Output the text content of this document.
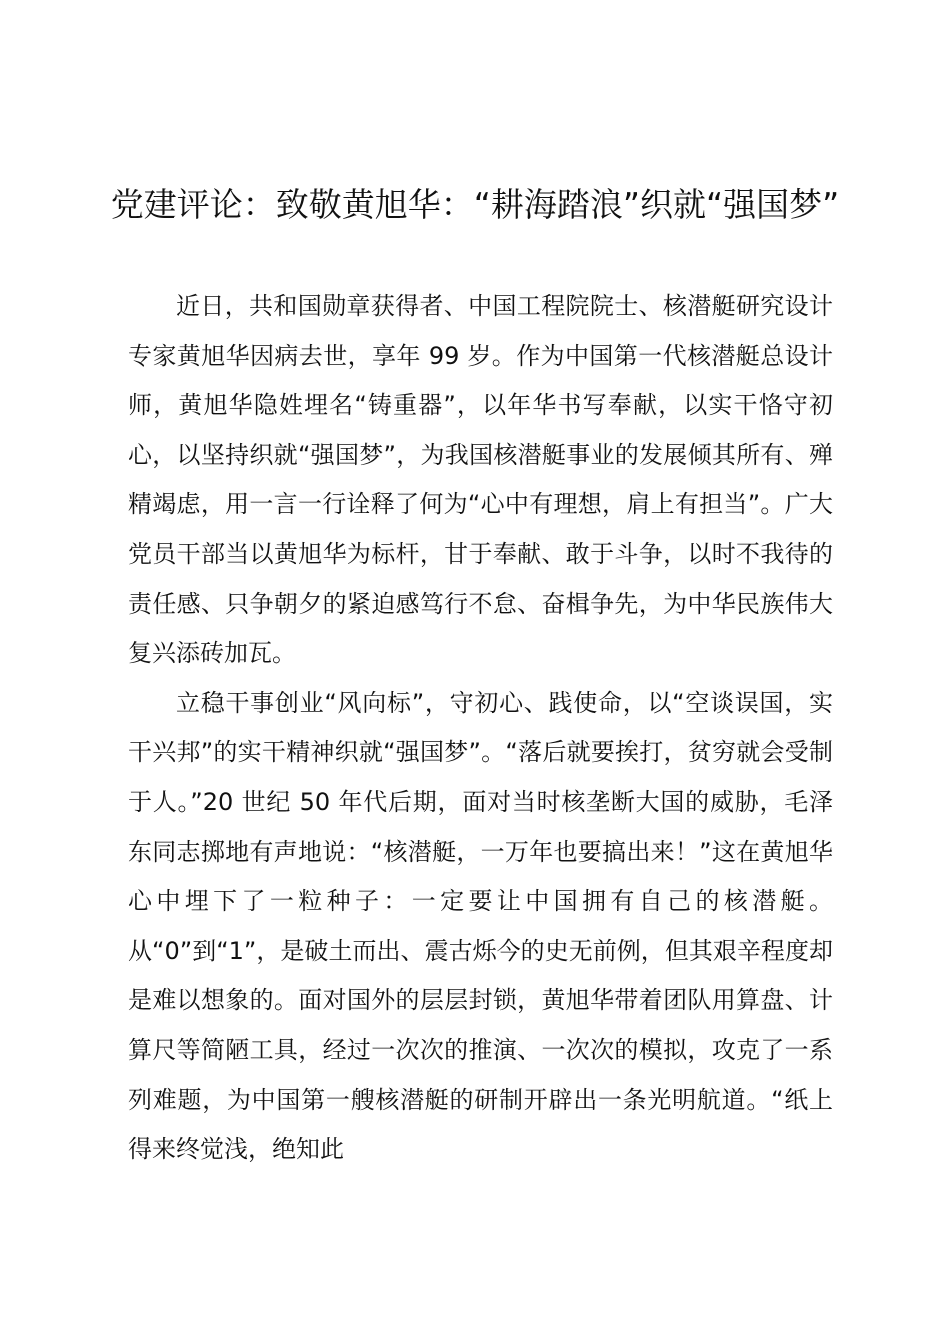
党建评论：致敬黄旭华：“耕海踏浪”织就“强国梦”

近日，共和国勋章获得者、中国工程院院士、核潜艇研究设计专家黄旭华因病去世，享年 99 岁。作为中国第一代核潜艇总设计师，黄旭华隐姓埋名“铸重器”，以年华书写奉献，以实干恪守初心，以坚持织就“强国梦”，为我国核潜艇事业的发展倾其所有、殚精竭虑，用一言一行诠释了何为“心中有理想，肩上有担当”。广大党员干部当以黄旭华为标杆，甘于奉献、敢于斗争，以时不我待的责任感、只争朝夕的紧迫感笃行不怠、奋楫争先，为中华民族伟大复兴添砖加瓦。

立稳干事创业“风向标”，守初心、践使命，以“空谈误国，实干兴邦”的实干精神织就“强国梦”。“落后就要挨打，贫穷就会受制于人。”20 世纪 50 年代后期，面对当时核垄断大国的威胁，毛泽东同志掷地有声地说：“核潜艇，一万年也要搞出来！”这在黄旭华心中埋下了一粒种子：一定要让中国拥有自己的核潜艇。从“0”到“1”，是破土而出、震古烁今的史无前例，但其艰辛程度却是难以想象的。面对国外的层层封锁，黄旭华带着团队用算盘、计算尺等简陋工具，经过一次次的推演、一次次的模拟，攻克了一系列难题，为中国第一艘核潜艇的研制开辟出一条光明航道。“纸上得来终觉浅，绝知此
